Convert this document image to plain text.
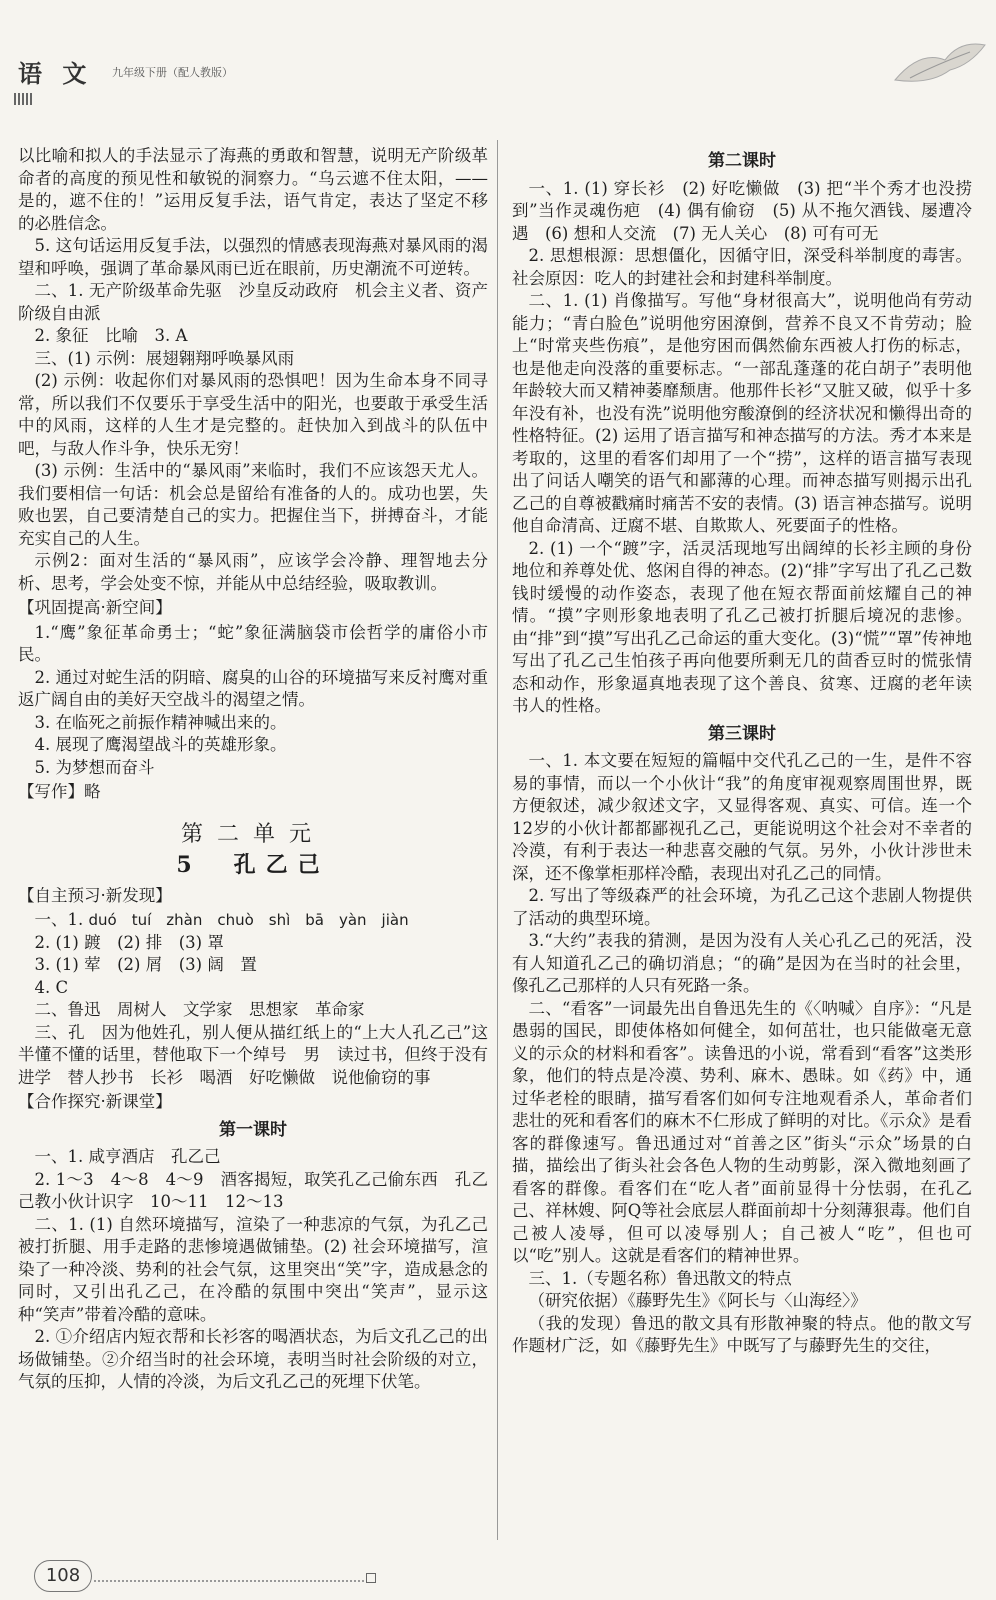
语 文 九年级下册（配人教版）

以比喻和拟人的手法显示了海燕的勇敢和智慧，说明无产阶级革命者的高度的预见性和敏锐的洞察力。“乌云遮不住太阳，——是的，遮不住的！”运用反复手法，语气肯定，表达了坚定不移的必胜信念。

5. 这句话运用反复手法，以强烈的情感表现海燕对暴风雨的渴望和呼唤，强调了革命暴风雨已近在眼前，历史潮流不可逆转。

二、1. 无产阶级革命先驱　沙皇反动政府　机会主义者、资产阶级自由派

2. 象征　比喻　3. A

三、(1) 示例：展翅翱翔呼唤暴风雨

(2) 示例：收起你们对暴风雨的恐惧吧！因为生命本身不同寻常，所以我们不仅要乐于享受生活中的阳光，也要敢于承受生活中的风雨，这样的人生才是完整的。赶快加入到战斗的队伍中吧，与敌人作斗争，快乐无穷！

(3) 示例：生活中的“暴风雨”来临时，我们不应该怨天尤人。我们要相信一句话：机会总是留给有准备的人的。成功也罢，失败也罢，自己要清楚自己的实力。把握住当下，拼搏奋斗，才能充实自己的人生。

示例2：面对生活的“暴风雨”，应该学会冷静、理智地去分析、思考，学会处变不惊，并能从中总结经验，吸取教训。

【巩固提高·新空间】

1.“鹰”象征革命勇士；“蛇”象征满脑袋市侩哲学的庸俗小市民。

2. 通过对蛇生活的阴暗、腐臭的山谷的环境描写来反衬鹰对重返广阔自由的美好天空战斗的渴望之情。

3. 在临死之前振作精神喊出来的。

4. 展现了鹰渴望战斗的英雄形象。

5. 为梦想而奋斗

【写作】略

第二单元
5　孔乙己

【自主预习·新发现】

一、1. duó　tuí　zhàn　chuò　shì　bā　yàn　jiàn

2. (1) 踱　(2) 排　(3) 罩

3. (1) 荤　(2) 屑　(3) 阔　置

4. C

二、鲁迅　周树人　文学家　思想家　革命家

三、孔　因为他姓孔，别人便从描红纸上的“上大人孔乙己”这半懂不懂的话里，替他取下一个绰号　男　读过书，但终于没有进学　替人抄书　长衫　喝酒　好吃懒做　说他偷窃的事

【合作探究·新课堂】

第一课时

一、1. 咸亨酒店　孔乙己

2. 1～3　4～8　4～9　酒客揭短，取笑孔乙己偷东西　孔乙己教小伙计识字　10～11　12～13

二、1. (1) 自然环境描写，渲染了一种悲凉的气氛，为孔乙己被打折腿、用手走路的悲惨境遇做铺垫。(2) 社会环境描写，渲染了一种冷淡、势利的社会气氛，这里突出“笑”字，造成悬念的同时，又引出孔乙己，在冷酷的氛围中突出“笑声”，显示这种“笑声”带着冷酷的意味。

2. ①介绍店内短衣帮和长衫客的喝酒状态，为后文孔乙己的出场做铺垫。②介绍当时的社会环境，表明当时社会阶级的对立，气氛的压抑，人情的冷淡，为后文孔乙己的死埋下伏笔。

第二课时

一、1. (1) 穿长衫　(2) 好吃懒做　(3) 把“半个秀才也没捞到”当作灵魂伤疤　(4) 偶有偷窃　(5) 从不拖欠酒钱、屡遭冷遇　(6) 想和人交流　(7) 无人关心　(8) 可有可无

2. 思想根源：思想僵化，因循守旧，深受科举制度的毒害。社会原因：吃人的封建社会和封建科举制度。

二、1. (1) 肖像描写。写他“身材很高大”，说明他尚有劳动能力；“青白脸色”说明他穷困潦倒，营养不良又不肯劳动；脸上“时常夹些伤痕”，是他穷困而偶然偷东西被人打伤的标志，也是他走向没落的重要标志。“一部乱蓬蓬的花白胡子”表明他年龄较大而又精神萎靡颓唐。他那件长衫“又脏又破，似乎十多年没有补，也没有洗”说明他穷酸潦倒的经济状况和懒得出奇的性格特征。(2) 运用了语言描写和神态描写的方法。秀才本来是考取的，这里的看客们却用了一个“捞”，这样的语言描写表现出了问话人嘲笑的语气和鄙薄的心理。而神态描写则揭示出孔乙己的自尊被戳痛时痛苦不安的表情。(3) 语言神态描写。说明他自命清高、迂腐不堪、自欺欺人、死要面子的性格。

2. (1) 一个“踱”字，活灵活现地写出阔绰的长衫主顾的身份地位和养尊处优、悠闲自得的神态。(2)“排”字写出了孔乙己数钱时缓慢的动作姿态，表现了他在短衣帮面前炫耀自己的神情。“摸”字则形象地表明了孔乙己被打折腿后境况的悲惨。由“排”到“摸”写出孔乙己命运的重大变化。(3)“慌”“罩”传神地写出了孔乙己生怕孩子再向他要所剩无几的茴香豆时的慌张情态和动作，形象逼真地表现了这个善良、贫寒、迂腐的老年读书人的性格。

第三课时

一、1. 本文要在短短的篇幅中交代孔乙己的一生，是件不容易的事情，而以一个小伙计“我”的角度审视观察周围世界，既方便叙述，减少叙述文字，又显得客观、真实、可信。连一个12岁的小伙计都都鄙视孔乙己，更能说明这个社会对不幸者的冷漠，有利于表达一种悲喜交融的气氛。另外，小伙计涉世未深，还不像掌柜那样冷酷，表现出对孔乙己的同情。

2. 写出了等级森严的社会环境，为孔乙己这个悲剧人物提供了活动的典型环境。

3.“大约”表我的猜测，是因为没有人关心孔乙己的死活，没有人知道孔乙己的确切消息；“的确”是因为在当时的社会里，像孔乙己那样的人只有死路一条。

二、“看客”一词最先出自鲁迅先生的《〈呐喊〉自序》：“凡是愚弱的国民，即使体格如何健全，如何茁壮，也只能做毫无意义的示众的材料和看客”。读鲁迅的小说，常看到“看客”这类形象，他们的特点是冷漠、势利、麻木、愚昧。如《药》中，通过华老栓的眼睛，描写看客们如何专注地观看杀人，革命者们悲壮的死和看客们的麻木不仁形成了鲜明的对比。《示众》是看客的群像速写。鲁迅通过对“首善之区”街头“示众”场景的白描，描绘出了街头社会各色人物的生动剪影，深入微地刻画了看客的群像。看客们在“吃人者”面前显得十分怯弱，在孔乙己、祥林嫂、阿Q等社会底层人群面前却十分刻薄狠毒。他们自己被人凌辱，但可以凌辱别人；自己被人“吃”，但也可以“吃”别人。这就是看客们的精神世界。

三、1.（专题名称）鲁迅散文的特点

（研究依据）《藤野先生》《阿长与〈山海经〉》

（我的发现）鲁迅的散文具有形散神聚的特点。他的散文写作题材广泛，如《藤野先生》中既写了与藤野先生的交往，

108
